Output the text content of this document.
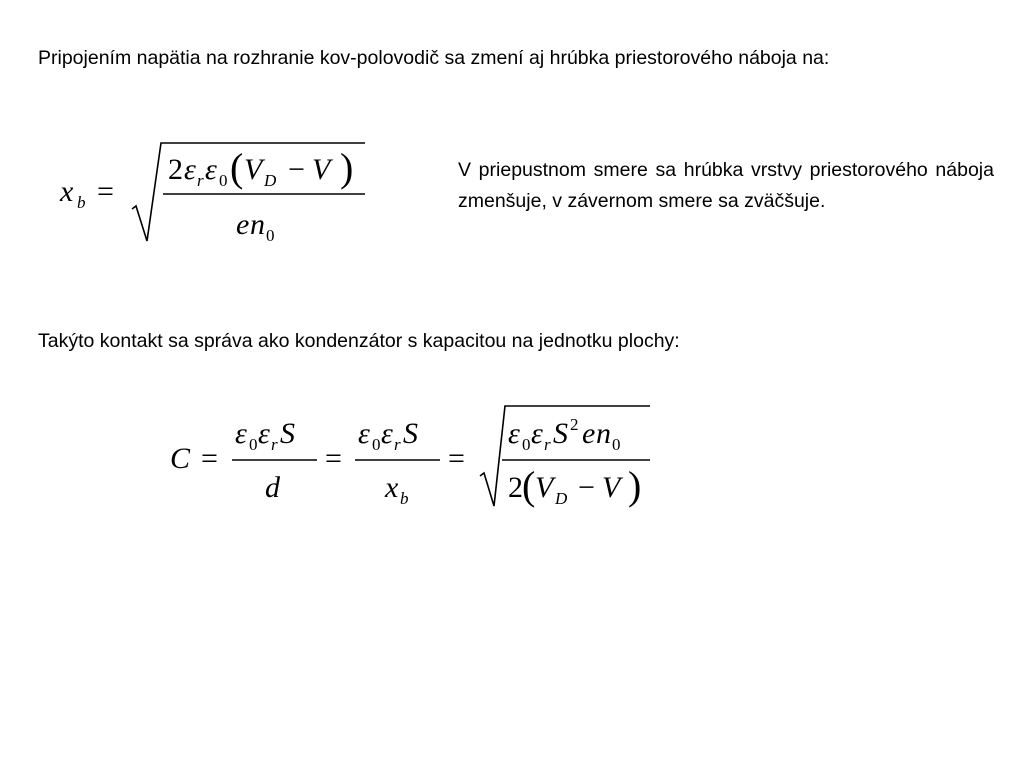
Pripojením napätia na rozhranie kov-polovodič sa zmení aj hrúbka priestorového náboja na:

x b =
2 ε r ε 0 ( V D − V )
e n 0

V priepustnom smere sa hrúbka vrstvy priestorového náboja zmenšuje, v závernom smere sa zväčšuje.

Takýto kontakt sa správa ako kondenzátor s kapacitou na jednotku plochy:

C =
ε 0 ε r S
d
=
ε 0 ε r S
x b
=
ε 0 ε r S 2 e n 0
2 ( V D − V )
